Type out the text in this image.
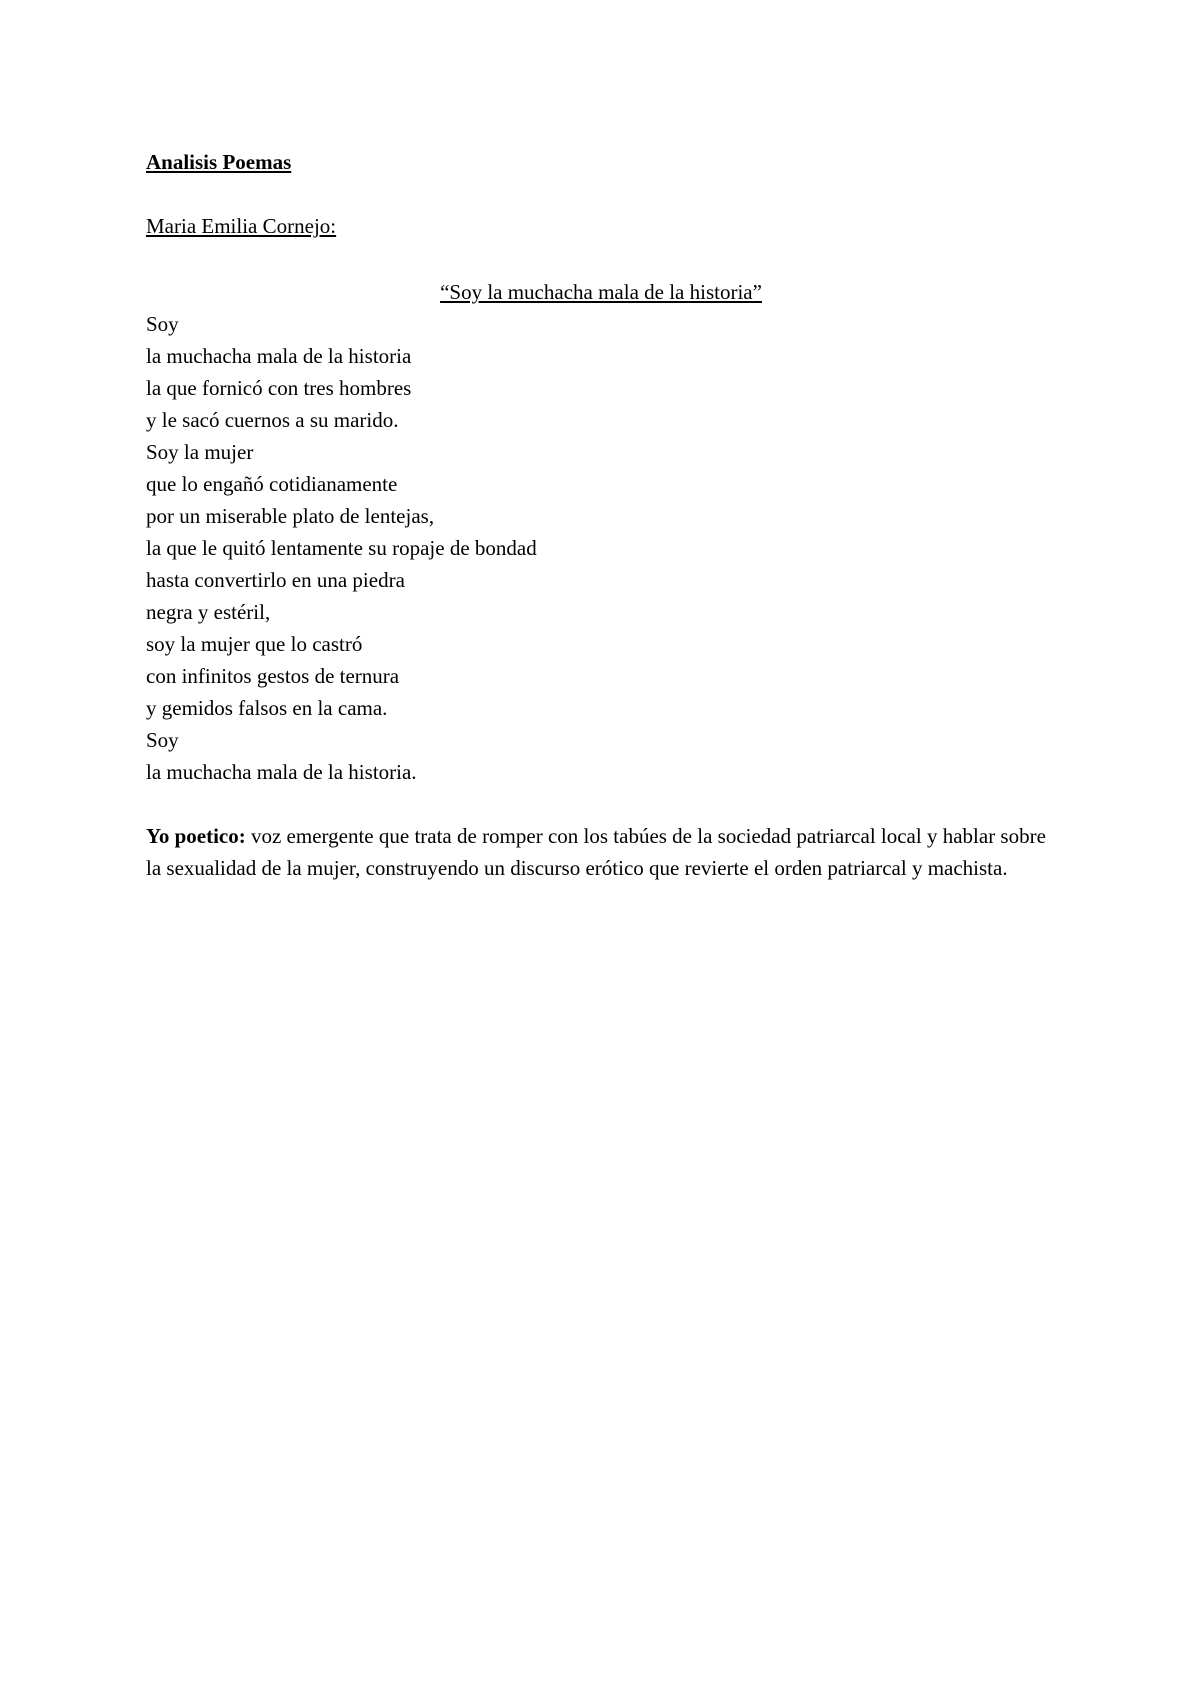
Analisis Poemas
Maria Emilia Cornejo:
“Soy la muchacha mala de la historia”
Soy
la muchacha mala de la historia
la que fornicó con tres hombres
y le sacó cuernos a su marido.
Soy la mujer
que lo engañó cotidianamente
por un miserable plato de lentejas,
la que le quitó lentamente su ropaje de bondad
hasta convertirlo en una piedra
negra y estéril,
soy la mujer que lo castró
con infinitos gestos de ternura
y gemidos falsos en la cama.
Soy
la muchacha mala de la historia.

Yo poetico: voz emergente que trata de romper con los tabúes de la sociedad patriarcal local y hablar sobre la sexualidad de la mujer, construyendo un discurso erótico que revierte el orden patriarcal y machista.
